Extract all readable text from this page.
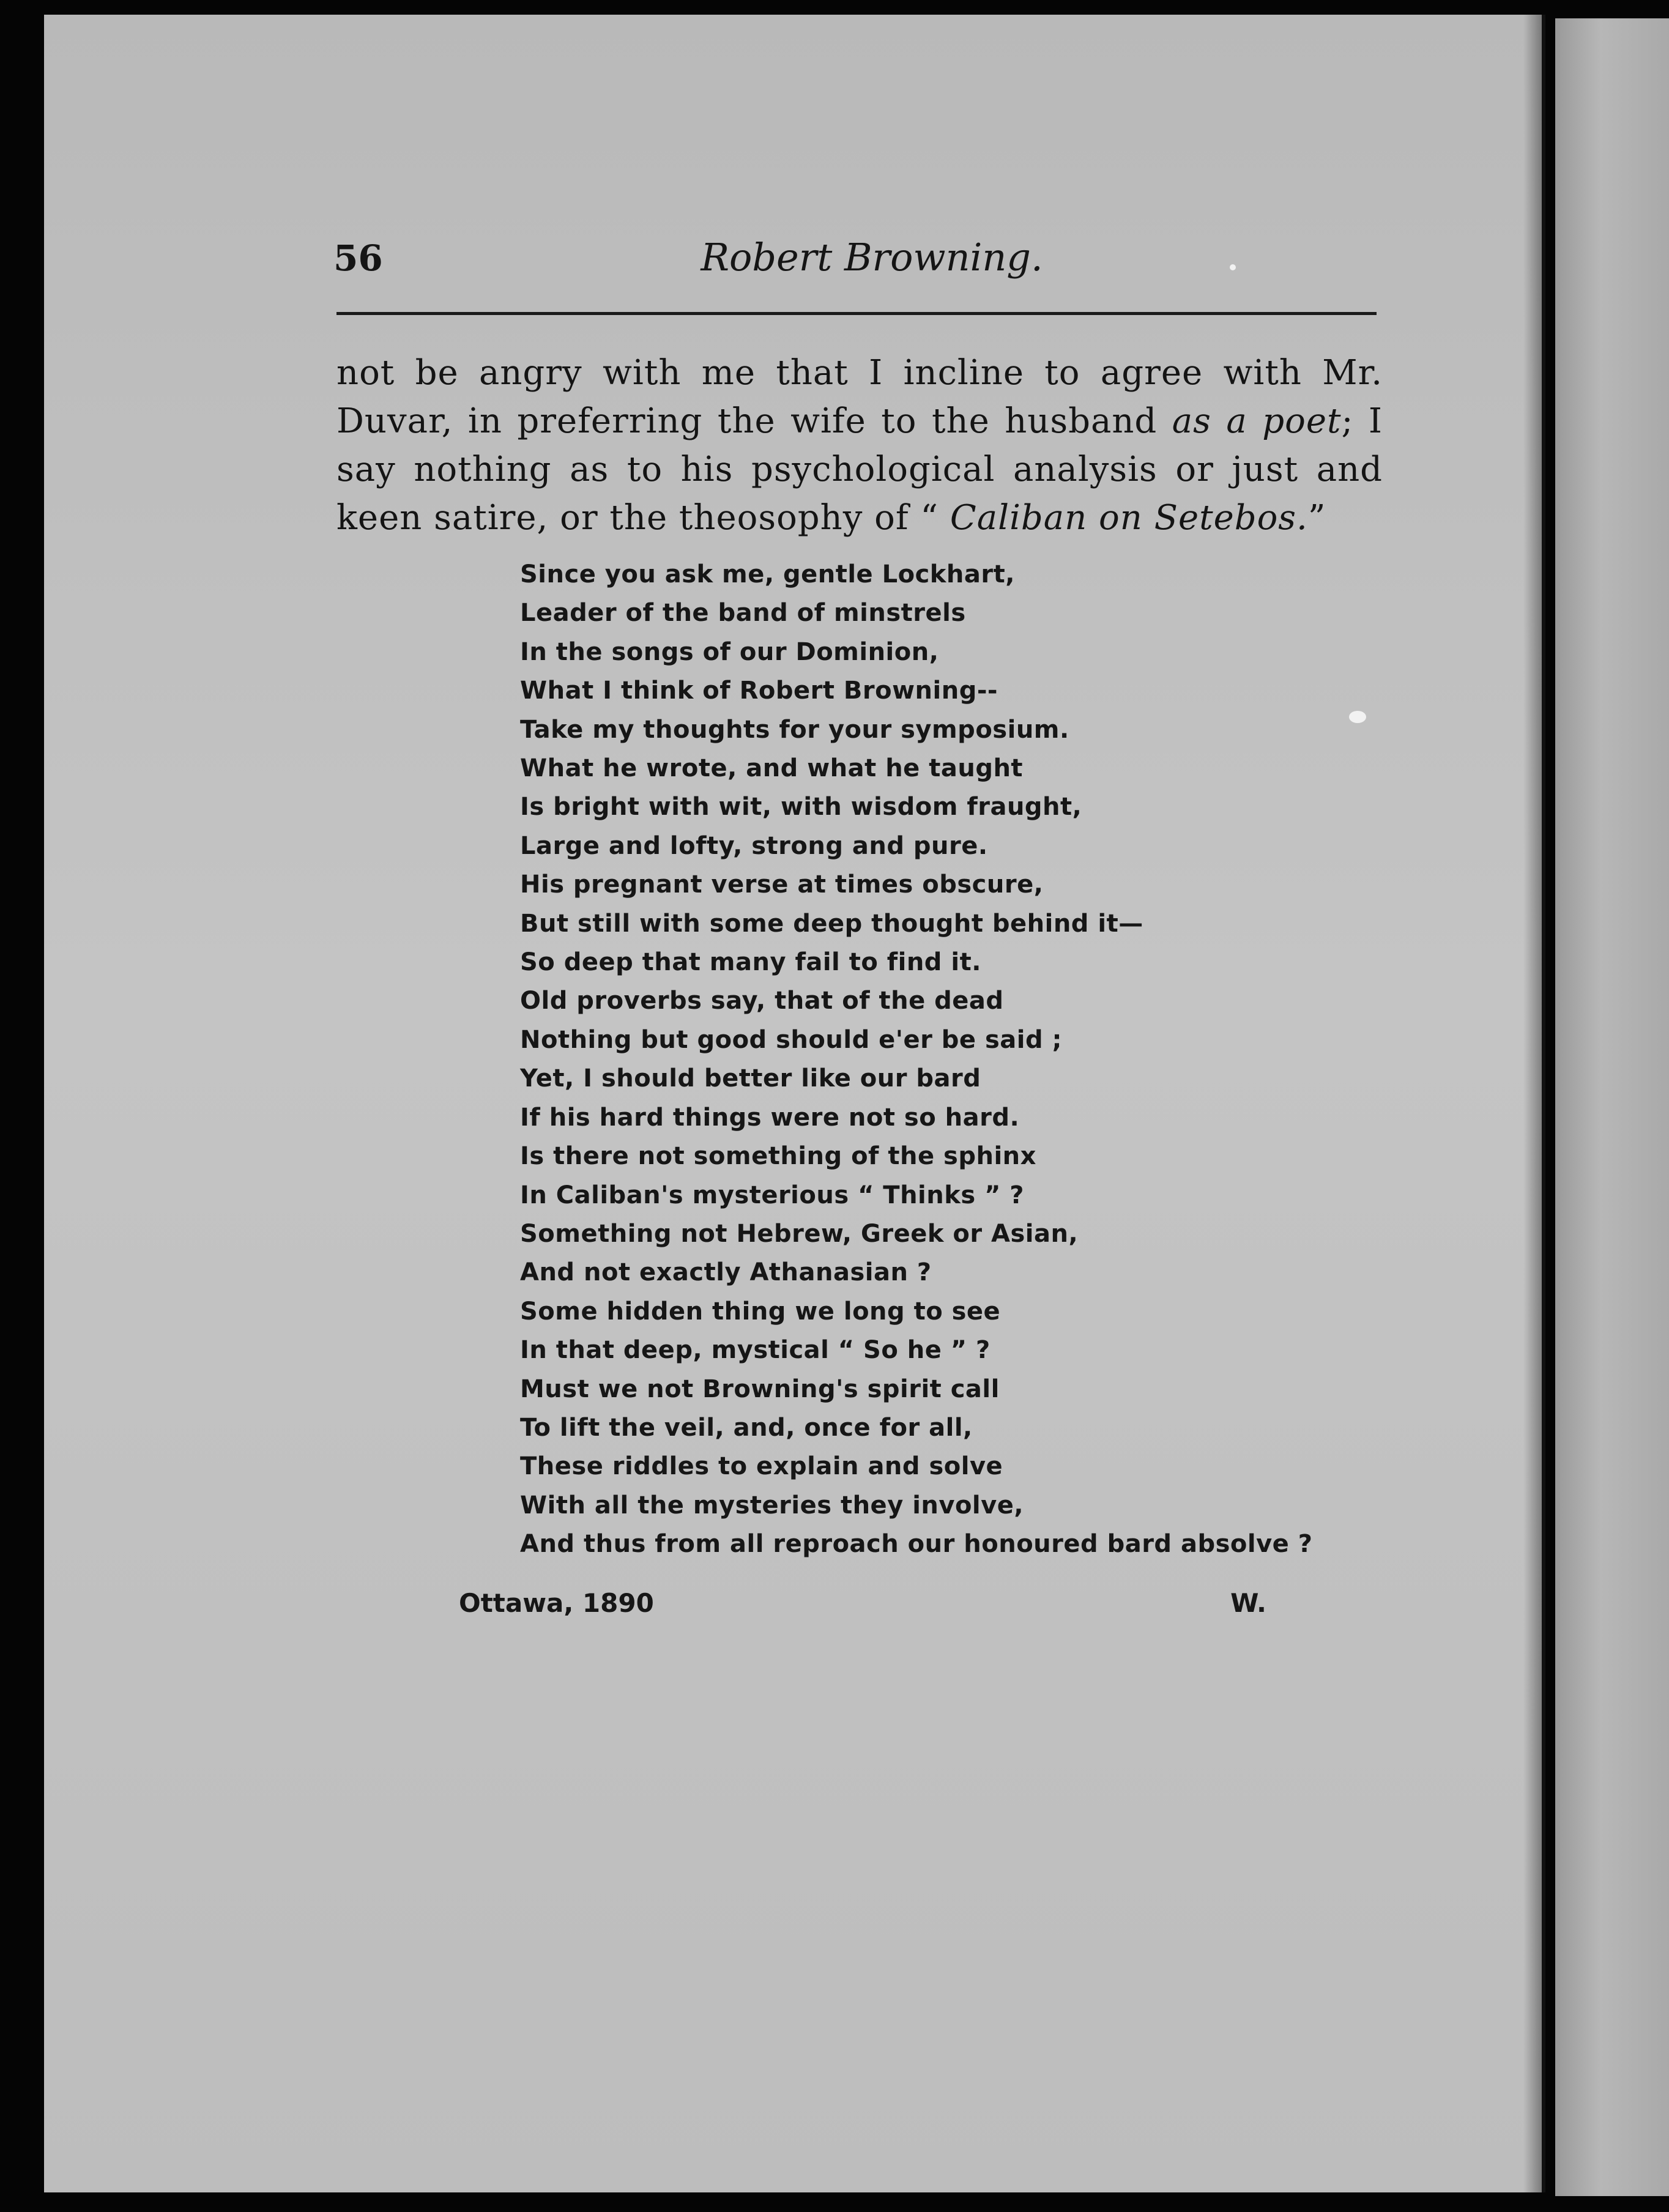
56	Robert Browning.
not be angry with me that I incline to agree with Mr. Duvar, in preferring the wife to the husband as a poet; I say nothing as to his psychological analysis or just and keen satire, or the theosophy of “ Caliban on Setebos.”
Since you ask me, gentle Lockhart,
Leader of the band of minstrels
In the songs of our Dominion,
What I think of Robert Browning--
Take my thoughts for your symposium.
What he wrote, and what he taught
Is bright with wit, with wisdom fraught,
Large and lofty, strong and pure.
His pregnant verse at times obscure,
But still with some deep thought behind it—
So deep that many fail to find it.
Old proverbs say, that of the dead
Nothing but good should e'er be said ;
Yet, I should better like our bard
If his hard things were not so hard.
Is there not something of the sphinx
In Caliban's mysterious “ Thinks ” ?
Something not Hebrew, Greek or Asian,
And not exactly Athanasian ?
Some hidden thing we long to see
In that deep, mystical “ So he ” ?
Must we not Browning's spirit call
To lift the veil, and, once for all,
These riddles to explain and solve
With all the mysteries they involve,
And thus from all reproach our honoured bard absolve ?
Ottawa, 1890	W.
